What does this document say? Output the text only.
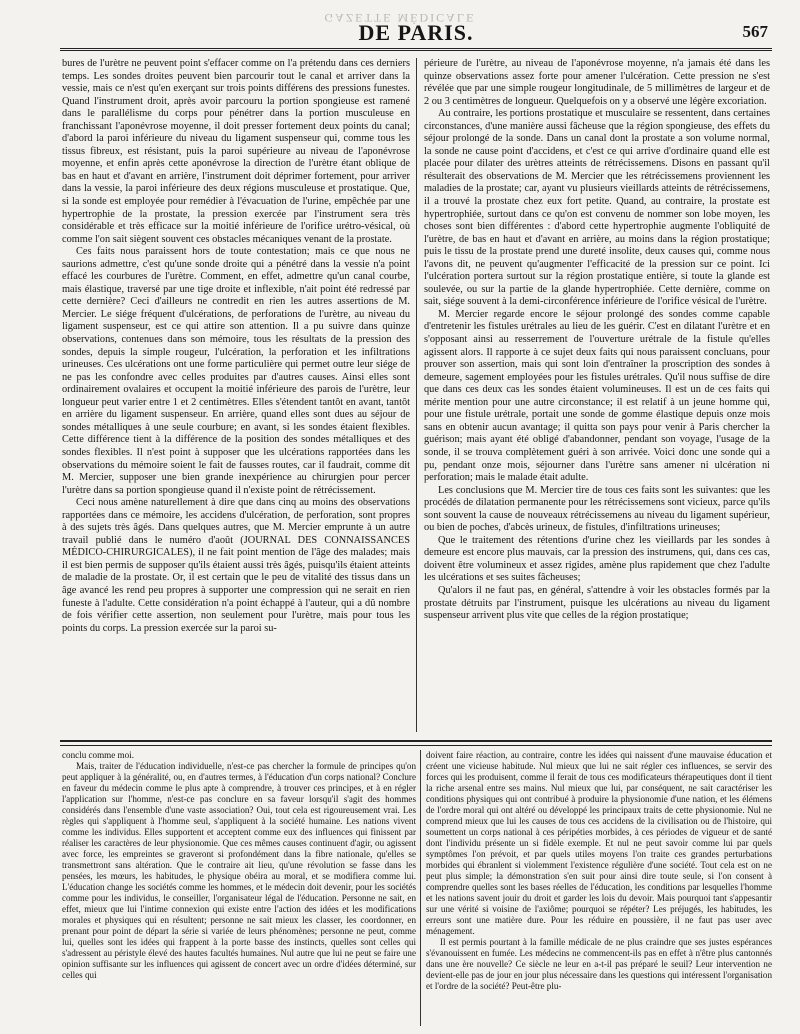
GAZETTE MÉDICALE
DE PARIS.	567

bures de l'urètre ne peuvent point s'effacer comme on l'a prétendu dans ces derniers temps. Les sondes droites peuvent bien parcourir tout le canal et arriver dans la vessie, mais ce n'est qu'en exerçant sur trois points différens des pressions funestes. Quand l'instrument droit, après avoir parcouru la portion spongieuse est ramené dans le parallélisme du corps pour pénétrer dans la portion musculeuse en franchissant l'aponévrose moyenne, il doit presser fortement deux points du canal; d'abord la paroi inférieure du niveau du ligament suspenseur qui, comme tous les tissus fibreux, est résistant, puis la paroi supérieure au niveau de l'aponévrose moyenne, et enfin après cette aponévrose la direction de l'urètre étant oblique de bas en haut et d'avant en arrière, l'instrument doit déprimer fortement, pour arriver dans la vessie, la paroi inférieure des deux régions musculeuse et prostatique. Que, si la sonde est employée pour remédier à l'évacuation de l'urine, empêchée par une hypertrophie de la prostate, la pression exercée par l'instrument sera très considérable et très efficace sur la moitié inférieure de l'orifice urétro-vésical, où comme l'on sait siègent souvent ces obstacles mécaniques venant de la prostate.

Ces faits nous paraissent hors de toute contestation; mais ce que nous ne saurions admettre, c'est qu'une sonde droite qui a pénétré dans la vessie n'a point effacé les courbures de l'urètre. Comment, en effet, admettre qu'un canal courbe, mais élastique, traversé par une tige droite et inflexible, n'ait point été redressé par cette dernière? Ceci d'ailleurs ne contredit en rien les autres assertions de M. Mercier. Le siége fréquent d'ulcérations, de perforations de l'urètre, au niveau du ligament suspenseur, est ce qui attire son attention. Il a pu suivre dans quinze observations, contenues dans son mémoire, tous les résultats de la pression des sondes, depuis la simple rougeur, l'ulcération, la perforation et les infiltrations urineuses. Ces ulcérations ont une forme particulière qui permet outre leur siége de ne pas les confondre avec celles produites par d'autres causes. Ainsi elles sont ordinairement ovalaires et occupent la moitié inférieure des parois de l'urètre, leur longueur peut varier entre 1 et 2 centimètres. Elles s'étendent tantôt en avant, tantôt en arrière du ligament suspenseur. En arrière, quand elles sont dues au séjour de sondes métalliques à une seule courbure; en avant, si les sondes étaient flexibles. Cette différence tient à la différence de la position des sondes métalliques et des sondes flexibles. Il n'est point à supposer que les ulcérations rapportées dans les observations du mémoire soient le fait de fausses routes, car il faudrait, comme dit M. Mercier, supposer une bien grande inexpérience au chirurgien pour percer l'urètre dans sa portion spongieuse quand il n'existe point de rétrécissement.

Ceci nous amène naturellement à dire que dans cinq au moins des observations rapportées dans ce mémoire, les accidens d'ulcération, de perforation, sont propres à des sujets très âgés. Dans quelques autres, que M. Mercier emprunte à un autre travail publié dans le numéro d'août (JOURNAL DES CONNAISSANCES MÉDICO-CHIRURGICALES), il ne fait point mention de l'âge des malades; mais il est bien permis de supposer qu'ils étaient aussi très âgés, puisqu'ils étaient atteints de maladie de la prostate. Or, il est certain que le peu de vitalité des tissus dans un âge avancé les rend peu propres à supporter une compression qui ne serait en rien funeste à l'adulte. Cette considération n'a point échappé à l'auteur, qui a dû nombre de fois vérifier cette assertion, non seulement pour l'urètre, mais pour tous les points du corps. La pression exercée sur la paroi su-

périeure de l'urètre, au niveau de l'aponévrose moyenne, n'a jamais été dans les quinze observations assez forte pour amener l'ulcération. Cette pression ne s'est révélée que par une simple rougeur longitudinale, de 5 millimètres de largeur et de 2 ou 3 centimètres de longueur. Quelquefois on y a observé une légère excoriation.

Au contraire, les portions prostatique et musculaire se ressentent, dans certaines circonstances, d'une manière aussi fâcheuse que la région spongieuse, des effets du séjour prolongé de la sonde. Dans un canal dont la prostate a son volume normal, la sonde ne cause point d'accidens, et c'est ce qui arrive d'ordinaire quand elle est placée pour dilater des urètres atteints de rétrécissemens. Disons en passant qu'il résulterait des observations de M. Mercier que les rétrécissemens proviennent les maladies de la prostate; car, ayant vu plusieurs vieillards atteints de rétrécissemens, il a trouvé la prostate chez eux fort petite. Quand, au contraire, la prostate est hypertrophiée, surtout dans ce qu'on est convenu de nommer son lobe moyen, les choses sont bien différentes : d'abord cette hypertrophie augmente l'obliquité de l'urètre, de bas en haut et d'avant en arrière, au moins dans la région prostatique; puis le tissu de la prostate prend une dureté insolite, deux causes qui, comme nous l'avons dit, ne peuvent qu'augmenter l'efficacité de la pression sur ce point. Ici l'ulcération portera surtout sur la région prostatique entière, si toute la glande est soulevée, ou sur la partie de la glande hypertrophiée. Cette dernière, comme on sait, siége souvent à la demi-circonférence inférieure de l'orifice vésical de l'urètre.

M. Mercier regarde encore le séjour prolongé des sondes comme capable d'entretenir les fistules urétrales au lieu de les guérir. C'est en dilatant l'urètre et en s'opposant ainsi au resserrement de l'ouverture urétrale de la fistule qu'elles agissent alors. Il rapporte à ce sujet deux faits qui nous paraissent concluans, pour prouver son assertion, mais qui sont loin d'entraîner la proscription des sondes à demeure, sagement employées pour les fistules urétrales. Qu'il nous suffise de dire que dans ces deux cas les sondes étaient volumineuses. Il est un de ces faits qui mérite mention pour une autre circonstance; il est relatif à un jeune homme qui, pour une fistule urétrale, portait une sonde de gomme élastique depuis onze mois sans en obtenir aucun avantage; il quitta son pays pour venir à Paris chercher la guérison; mais ayant été obligé d'abandonner, pendant son voyage, l'usage de la sonde, il se trouva complètement guéri à son arrivée. Voici donc une sonde qui a pu, pendant onze mois, séjourner dans l'urètre sans amener ni ulcération ni perforation; mais le malade était adulte.

Les conclusions que M. Mercier tire de tous ces faits sont les suivantes: que les procédés de dilatation permanente pour les rétrécissemens sont vicieux, parce qu'ils sont souvent la cause de nouveaux rétrécissemens au niveau du ligament supérieur, ou bien de poches, d'abcès urineux, de fistules, d'infiltrations urineuses;

Que le traitement des rétentions d'urine chez les vieillards par les sondes à demeure est encore plus mauvais, car la pression des instrumens, qui, dans ces cas, doivent être volumineux et assez rigides, amène plus rapidement que chez l'adulte les ulcérations et ses suites fâcheuses;

Qu'alors il ne faut pas, en général, s'attendre à voir les obstacles formés par la prostate détruits par l'instrument, puisque les ulcérations au niveau du ligament suspenseur arrivent plus vite que celles de la région prostatique;

conclu comme moi.

Mais, traiter de l'éducation individuelle, n'est-ce pas chercher la formule de principes qu'on peut appliquer à la généralité, ou, en d'autres termes, à l'éducation d'un corps national? Conclure en faveur du médecin comme le plus apte à comprendre, à trouver ces principes, et à en régler l'application sur l'homme, n'est-ce pas conclure en sa faveur lorsqu'il s'agit des hommes considérés dans l'ensemble d'une vaste association? Oui, tout cela est rigoureusement vrai. Les règles qui s'appliquent à l'homme seul, s'appliquent à la société humaine. Les nations vivent comme les individus. Elles supportent et acceptent comme eux des influences qui finissent par réaliser les caractères de leur physionomie. Que ces mêmes causes continuent d'agir, ou agissent avec force, les empreintes se graveront si profondément dans la fibre nationale, qu'elles se transmettront sans altération. Que le contraire ait lieu, qu'une révolution se fasse dans les pensées, les mœurs, les habitudes, le physique obéira au moral, et se modifiera comme lui. L'éducation change les sociétés comme les hommes, et le médecin doit devenir, pour les sociétés comme pour les individus, le conseiller, l'organisateur légal de l'éducation. Personne ne sait, en effet, mieux que lui l'intime connexion qui existe entre l'action des idées et les modifications morales et physiques qui en résultent; personne ne sait mieux les classer, les coordonner, en prenant pour point de départ la série si variée de leurs phénomènes; personne ne peut, comme lui, quelles sont les idées qui frappent à la porte basse des instincts, quelles sont celles qui s'adressent au péristyle élevé des hautes facultés humaines. Nul autre que lui ne peut se faire une opinion suffisante sur les influences qui agissent de concert avec un ordre d'idées déterminé, sur celles qui

doivent faire réaction, au contraire, contre les idées qui naissent d'une mauvaise éducation et créent une vicieuse habitude. Nul mieux que lui ne sait régler ces influences, se servir des forces qui les produisent, comme il ferait de tous ces modificateurs thérapeutiques dont il tient la riche arsenal entre ses mains. Nul mieux que lui, par conséquent, ne sait caractériser les conditions physiques qui ont contribué à produire la physionomie d'une nation, et les élémens de l'ordre moral qui ont altéré ou développé les principaux traits de cette physionomie. Nul ne comprend mieux que lui les causes de tous ces accidens de la civilisation ou de l'histoire, qui soumettent un corps national à ces péripéties morbides, à ces périodes de vigueur et de santé dont l'individu présente un si fidèle exemple. Et nul ne peut savoir comme lui par quels symptômes l'on prévoit, et par quels utiles moyens l'on traite ces grandes perturbations morbides qui ébranlent si violemment l'existence régulière d'une société. Tout cela est on ne peut plus simple; la démonstration s'en suit pour ainsi dire toute seule, si l'on consent à comprendre quelles sont les bases réelles de l'éducation, les conditions par lesquelles l'homme et les nations savent jouir du droit et garder les lois du devoir. Mais pourquoi tant s'appesantir sur une vérité si voisine de l'axiôme; pourquoi se répéter? Les préjugés, les habitudes, les erreurs sont une matière dure. Pour les réduire en poussière, il ne faut pas user avec ménagement.

Il est permis pourtant à la famille médicale de ne plus craindre que ses justes espérances s'évanouissent en fumée. Les médecins ne commencent-ils pas en effet à n'être plus cantonnés dans une ère nouvelle? Ce siècle ne leur en a-t-il pas préparé le seuil? Leur intervention ne devient-elle pas de jour en jour plus nécessaire dans les questions qui intéressent l'organisation et l'ordre de la société? Peut-être plu-
